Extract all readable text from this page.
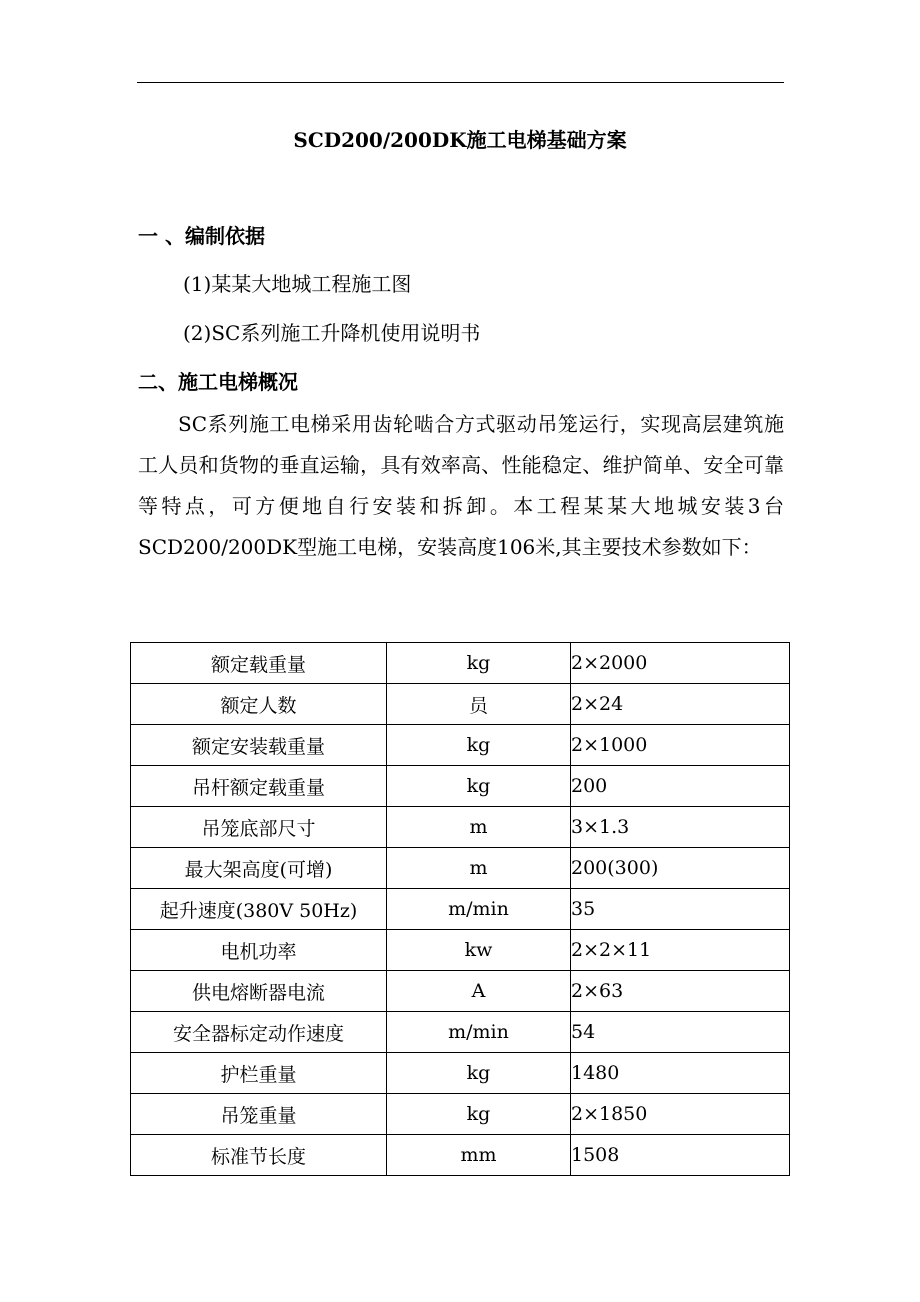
SCD200/200DK施工电梯基础方案
一 、编制依据
(1)某某大地城工程施工图
(2)SC系列施工升降机使用说明书
二、施工电梯概况

SC系列施工电梯采用齿轮啮合方式驱动吊笼运行，实现高层建筑施工人员和货物的垂直运输，具有效率高、性能稳定、维护简单、安全可靠等特点，可方便地自行安装和拆卸。本工程某某大地城安装3台SCD200/200DK型施工电梯，安装高度106米,其主要技术参数如下：

额定载重量	kg	2×2000
额定人数	员	2×24
额定安装载重量	kg	2×1000
吊杆额定载重量	kg	200
吊笼底部尺寸	m	3×1.3
最大架高度(可增)	m	200(300)
起升速度(380V 50Hz)	m/min	35
电机功率	kw	2×2×11
供电熔断器电流	A	2×63
安全器标定动作速度	m/min	54
护栏重量	kg	1480
吊笼重量	kg	2×1850
标准节长度	mm	1508
